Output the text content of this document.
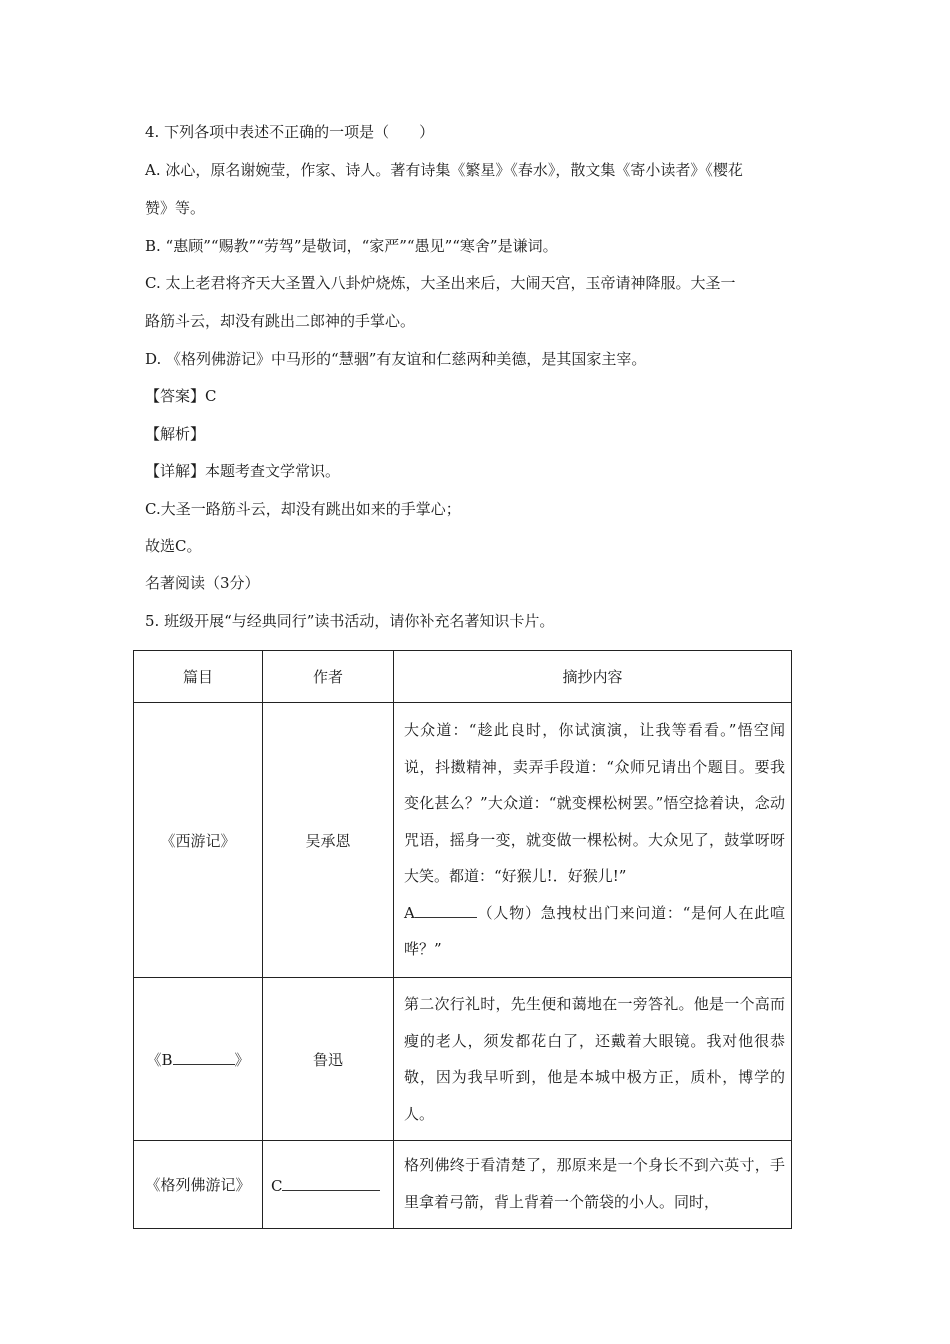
4. 下列各项中表述不正确的一项是（　　）

A. 冰心，原名谢婉莹，作家、诗人。著有诗集《繁星》《春水》，散文集《寄小读者》《樱花

赞》等。

B. “惠顾”“赐教”“劳驾”是敬词，“家严”“愚见”“寒舍”是谦词。

C. 太上老君将齐天大圣置入八卦炉烧炼，大圣出来后，大闹天宫，玉帝请神降服。大圣一

路筋斗云，却没有跳出二郎神的手掌心。

D. 《格列佛游记》中马形的“慧骃”有友谊和仁慈两种美德，是其国家主宰。

【答案】C

【解析】

【详解】本题考查文学常识。

C.大圣一路筋斗云，却没有跳出如来的手掌心；

故选C。

名著阅读（3分）

5. 班级开展“与经典同行”读书活动，请你补充名著知识卡片。

篇目	作者	摘抄内容
《西游记》	吴承恩	大众道：“趁此良时，你试演演，让我等看看。”悟空闻说，抖擞精神，卖弄手段道：“众师兄请出个题目。要我变化甚么？”大众道：“就变棵松树罢。”悟空捻着诀，念动咒语，摇身一变，就变做一棵松树。大众见了，鼓掌呀呀大笑。都道：“好猴儿!．好猴儿!”
A （人物）急拽杖出门来问道：“是何人在此喧哗？”
《B 》	鲁迅	第二次行礼时，先生便和蔼地在一旁答礼。他是一个高而瘦的老人，须发都花白了，还戴着大眼镜。我对他很恭敬，因为我早听到，他是本城中极方正，质朴，博学的人。
《格列佛游记》	C	格列佛终于看清楚了，那原来是一个身长不到六英寸，手里拿着弓箭，背上背着一个箭袋的小人。同时，
